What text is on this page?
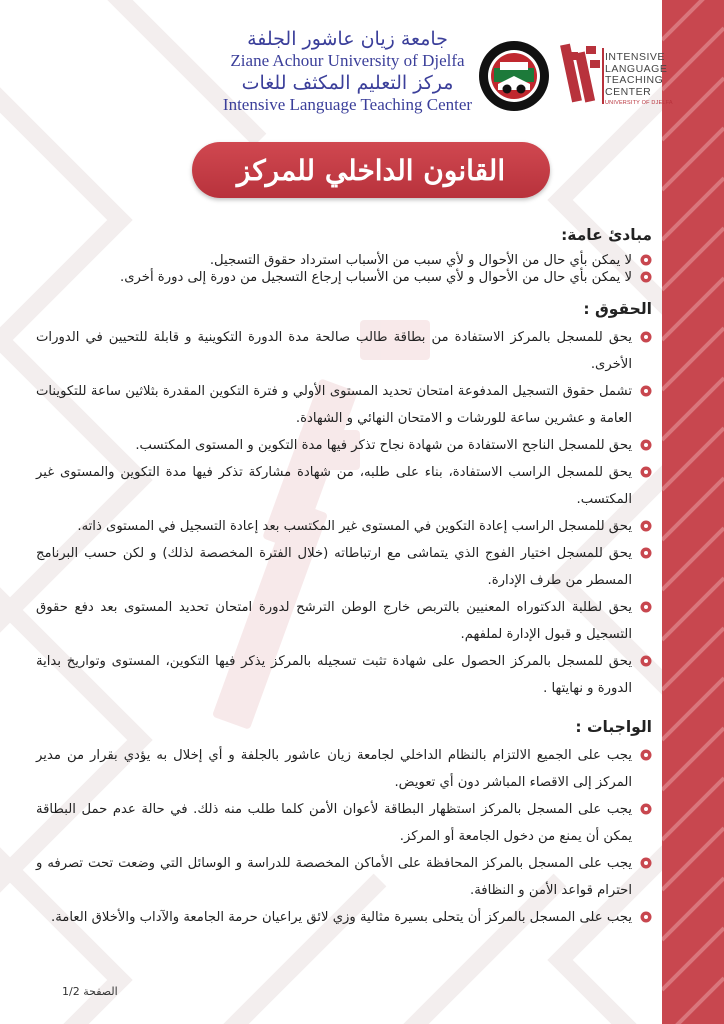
جامعة زيان عاشور الجلفة
Ziane Achour University of Djelfa
مركز التعليم المكثف للغات
Intensive Language Teaching Center
INTENSIVE
LANGUAGE
TEACHING
CENTER
UNIVERSITY OF DJELFA
القانون الداخلي للمركز
مبادئ عامة:
لا يمكن بأي حال من الأحوال و لأي سبب من الأسباب استرداد حقوق التسجيل.
لا يمكن بأي حال من الأحوال و لأي سبب من الأسباب إرجاع التسجيل من دورة إلى دورة أخرى.
الحقوق :
يحق للمسجل بالمركز الاستفادة من بطاقة طالب صالحة مدة الدورة التكوينية و قابلة للتحيين في الدورات الأخرى.
تشمل حقوق التسجيل المدفوعة امتحان تحديد المستوى الأولي و فترة التكوين المقدرة بثلاثين ساعة للتكوينات العامة و عشرين ساعة للورشات و الامتحان النهائي و الشهادة.
يحق للمسجل الناجح الاستفادة من شهادة نجاح تذكر فيها مدة التكوين و المستوى المكتسب.
يحق للمسجل الراسب الاستفادة، بناء على طلبه، من شهادة مشاركة تذكر فيها مدة التكوين والمستوى غير المكتسب.
يحق للمسجل الراسب إعادة التكوين في المستوى غير المكتسب بعد إعادة التسجيل في المستوى ذاته.
يحق للمسجل اختيار الفوج الذي يتماشى مع ارتباطاته (خلال الفترة المخصصة لذلك) و لكن حسب البرنامج المسطر من طرف الإدارة.
يحق لطلبة الدكتوراه المعنيين بالتربص خارج الوطن الترشح لدورة امتحان تحديد المستوى بعد دفع حقوق التسجيل و قبول الإدارة لملفهم.
يحق للمسجل بالمركز الحصول على شهادة تثبت تسجيله بالمركز يذكر فيها التكوين، المستوى وتواريخ بداية الدورة و نهايتها .
الواجبات :
يجب على الجميع الالتزام بالنظام الداخلي لجامعة زيان عاشور بالجلفة و أي إخلال به يؤدي بقرار من مدير المركز إلى الاقصاء المباشر دون أي تعويض.
يجب على المسجل بالمركز استظهار البطاقة لأعوان الأمن كلما طلب منه ذلك. في حالة عدم حمل البطاقة يمكن أن يمنع من دخول الجامعة أو المركز.
يجب على المسجل بالمركز المحافظة على الأماكن المخصصة للدراسة و الوسائل التي وضعت تحت تصرفه و احترام قواعد الأمن و النظافة.
يجب على المسجل بالمركز أن يتحلى بسيرة مثالية وزي لائق يراعيان حرمة الجامعة والآداب والأخلاق العامة.
الصفحة 1/2
